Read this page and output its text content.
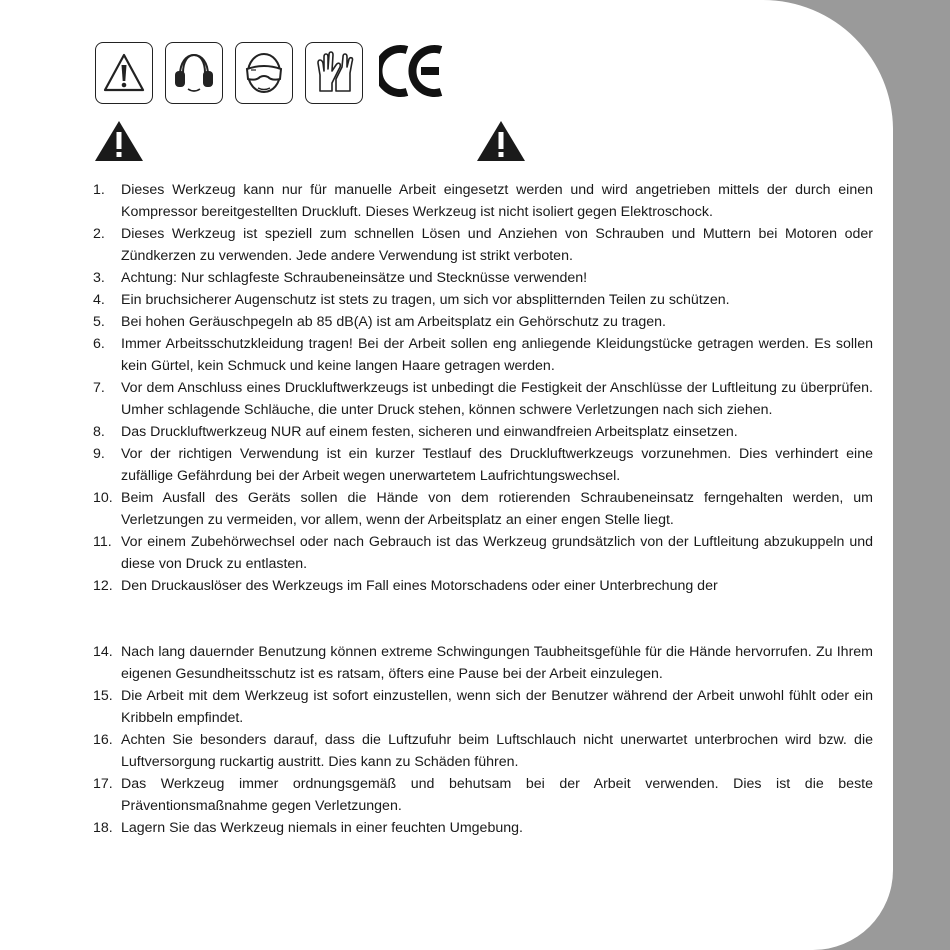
1. Dieses Werkzeug kann nur für manuelle Arbeit eingesetzt werden und wird angetrieben mittels der durch einen Kompressor bereitgestellten Druckluft. Dieses Werkzeug ist nicht isoliert gegen Elektroschock.
2. Dieses Werkzeug ist speziell zum schnellen Lösen und Anziehen von Schrauben und Muttern bei Motoren oder Zündkerzen zu verwenden. Jede andere Verwendung ist strikt verboten.
3. Achtung: Nur schlagfeste Schraubeneinsätze und Stecknüsse verwenden!
4. Ein bruchsicherer Augenschutz ist stets zu tragen, um sich vor absplitternden Teilen zu schützen.
5. Bei hohen Geräuschpegeln ab 85 dB(A) ist am Arbeitsplatz ein Gehörschutz zu tragen.
6. Immer Arbeitsschutzkleidung tragen! Bei der Arbeit sollen eng anliegende Kleidungstücke getragen werden. Es sollen kein Gürtel, kein Schmuck und keine langen Haare getragen werden.
7. Vor dem Anschluss eines Druckluftwerkzeugs ist unbedingt die Festigkeit der Anschlüsse der Luftleitung zu überprüfen. Umher schlagende Schläuche, die unter Druck stehen, können schwere Verletzungen nach sich ziehen.
8. Das Druckluftwerkzeug NUR auf einem festen, sicheren und einwandfreien Arbeitsplatz einsetzen.
9. Vor der richtigen Verwendung ist ein kurzer Testlauf des Druckluftwerkzeugs vorzunehmen. Dies verhindert eine zufällige Gefährdung bei der Arbeit wegen unerwartetem Laufrichtungswechsel.
10. Beim Ausfall des Geräts sollen die Hände von dem rotierenden Schraubeneinsatz ferngehalten werden, um Verletzungen zu vermeiden, vor allem, wenn der Arbeitsplatz an einer engen Stelle liegt.
11. Vor einem Zubehörwechsel oder nach Gebrauch ist das Werkzeug grundsätzlich von der Luftleitung abzukuppeln und diese von Druck zu entlasten.
12. Den Druckauslöser des Werkzeugs im Fall eines Motorschadens oder einer Unterbrechung der
14. Nach lang dauernder Benutzung können extreme Schwingungen Taubheitsgefühle für die Hände hervorrufen. Zu Ihrem eigenen Gesundheitsschutz ist es ratsam, öfters eine Pause bei der Arbeit einzulegen.
15. Die Arbeit mit dem Werkzeug ist sofort einzustellen, wenn sich der Benutzer während der Arbeit unwohl fühlt oder ein Kribbeln empfindet.
16. Achten Sie besonders darauf, dass die Luftzufuhr beim Luftschlauch nicht unerwartet unterbrochen wird bzw. die Luftversorgung ruckartig austritt. Dies kann zu Schäden führen.
17. Das Werkzeug immer ordnungsgemäß und behutsam bei der Arbeit verwenden. Dies ist die beste Präventionsmaßnahme gegen Verletzungen.
18. Lagern Sie das Werkzeug niemals in einer feuchten Umgebung.
